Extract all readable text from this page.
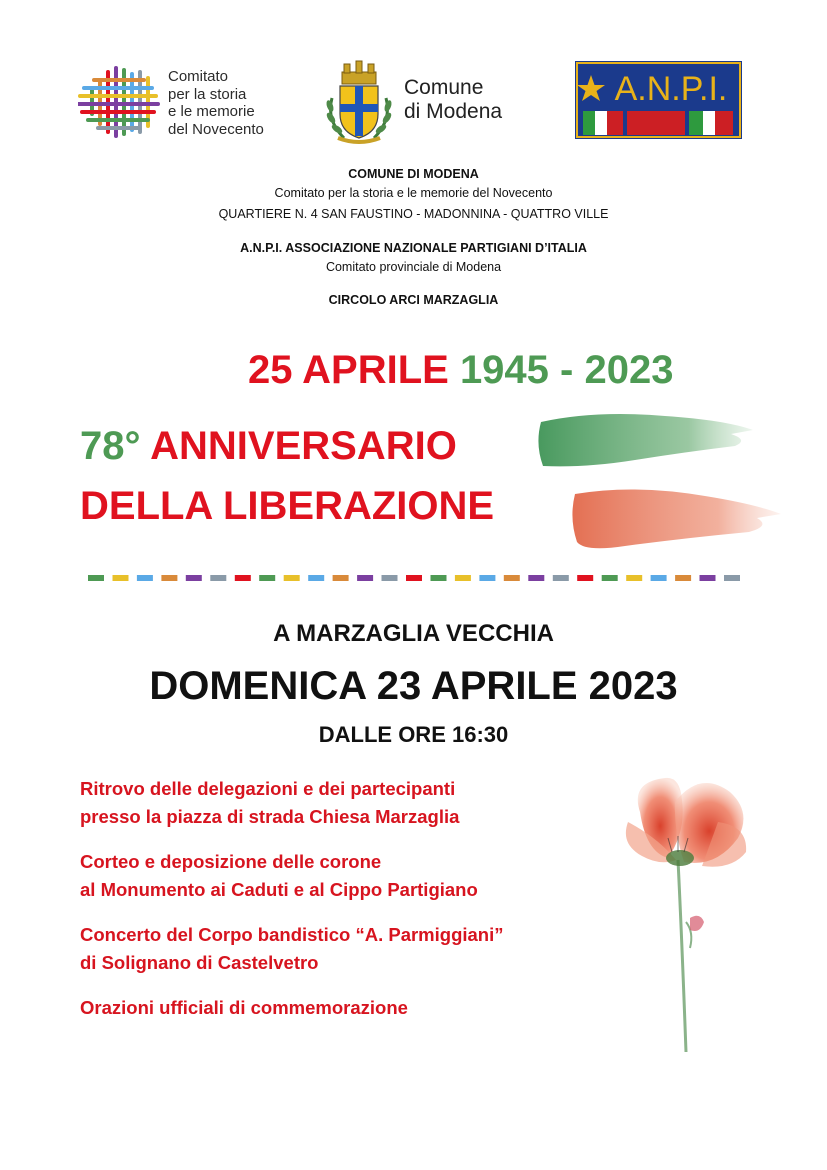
Comitato
per la storia
e le memorie
del Novecento
Comune
di Modena
A.N.P.I.
COMUNE DI MODENA
Comitato per la storia e le memorie del Novecento
QUARTIERE N. 4 SAN FAUSTINO - MADONNINA - QUATTRO VILLE
A.N.P.I. ASSOCIAZIONE NAZIONALE PARTIGIANI D’ITALIA
Comitato provinciale di Modena
CIRCOLO ARCI MARZAGLIA
25 APRILE 1945 - 2023
78° ANNIVERSARIO
DELLA LIBERAZIONE
A MARZAGLIA VECCHIA
DOMENICA 23 APRILE 2023
DALLE ORE 16:30
Ritrovo delle delegazioni e dei partecipanti
presso la piazza di strada Chiesa Marzaglia
Corteo e deposizione delle corone
al Monumento ai Caduti e al Cippo Partigiano
Concerto del Corpo bandistico “A. Parmiggiani”
di Solignano di Castelvetro
Orazioni ufficiali di commemorazione
